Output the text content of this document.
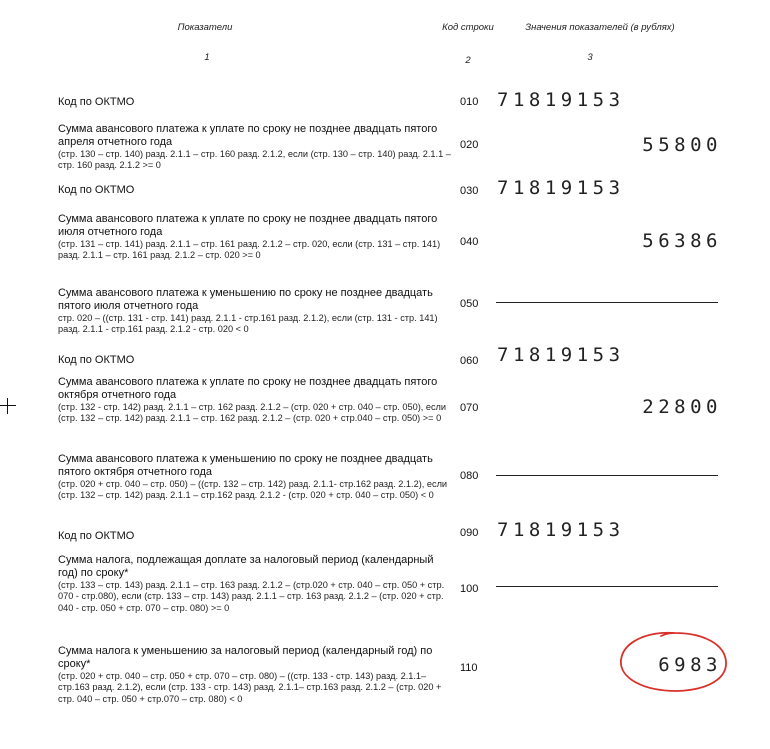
Показатели	Код строки	Значения показателей (в рублях)
1	2	3
Код по ОКТМО	010 71819153
Сумма авансового платежа к уплате по сроку не позднее двадцать пятого апреля отчетного года
(стр. 130 – стр. 140) разд. 2.1.1 – стр. 160 разд. 2.1.2, если (стр. 130 – стр. 140) разд. 2.1.1 – стр. 160 разд. 2.1.2 >= 0
020	55800
Код по ОКТМО	030 71819153
Сумма авансового платежа к уплате по сроку не позднее двадцать пятого июля отчетного года
(стр. 131 – стр. 141) разд. 2.1.1 – стр. 161 разд. 2.1.2 – стр. 020, если (стр. 131 – стр. 141) разд. 2.1.1 – стр. 161 разд. 2.1.2 – стр. 020 >= 0
040	56386
Сумма авансового платежа к уменьшению по сроку не позднее двадцать пятого июля отчетного года
стр. 020 – ((стр. 131 - стр. 141) разд. 2.1.1 - стр.161 разд. 2.1.2), если (стр. 131 - стр. 141) разд. 2.1.1 - стр.161 разд. 2.1.2 - стр. 020 < 0
050
Код по ОКТМО	060 71819153
Сумма авансового платежа к уплате по сроку не позднее двадцать пятого октября отчетного года
(стр. 132 - стр. 142) разд. 2.1.1 – стр. 162 разд. 2.1.2 – (стр. 020 + стр. 040 – стр. 050), если (стр. 132 – стр. 142) разд. 2.1.1 – стр. 162 разд. 2.1.2 – (стр. 020 + стр.040 – стр. 050) >= 0
070	22800
Сумма авансового платежа к уменьшению по сроку не позднее двадцать пятого октября отчетного года
(стр. 020 + стр. 040 – стр. 050) – ((стр. 132 – стр. 142) разд. 2.1.1- стр.162 разд. 2.1.2), если (стр. 132 – стр. 142) разд. 2.1.1 – стр.162 разд. 2.1.2 - (стр. 020 + стр. 040 – стр. 050) < 0
080
Код по ОКТМО	090 71819153
Сумма налога, подлежащая доплате за налоговый период (календарный год) по сроку*
(стр. 133 – стр. 143) разд. 2.1.1 – стр. 163 разд. 2.1.2 – (стр.020 + стр. 040 – стр. 050 + стр. 070 - стр.080), если (стр. 133 – стр. 143) разд. 2.1.1 – стр. 163 разд. 2.1.2 – (стр. 020 + стр. 040 - стр. 050 + стр. 070 – стр. 080) >= 0
100
Сумма налога к уменьшению за налоговый период (календарный год) по сроку*
(стр. 020 + стр. 040 – стр. 050 + стр. 070 – стр. 080) – ((стр. 133 - стр. 143) разд. 2.1.1– стр.163 разд. 2.1.2), если (стр. 133 - стр. 143) разд. 2.1.1– стр.163 разд. 2.1.2 – (стр. 020 + стр. 040 – стр. 050 + стр.070 – стр. 080) < 0
110	6983
